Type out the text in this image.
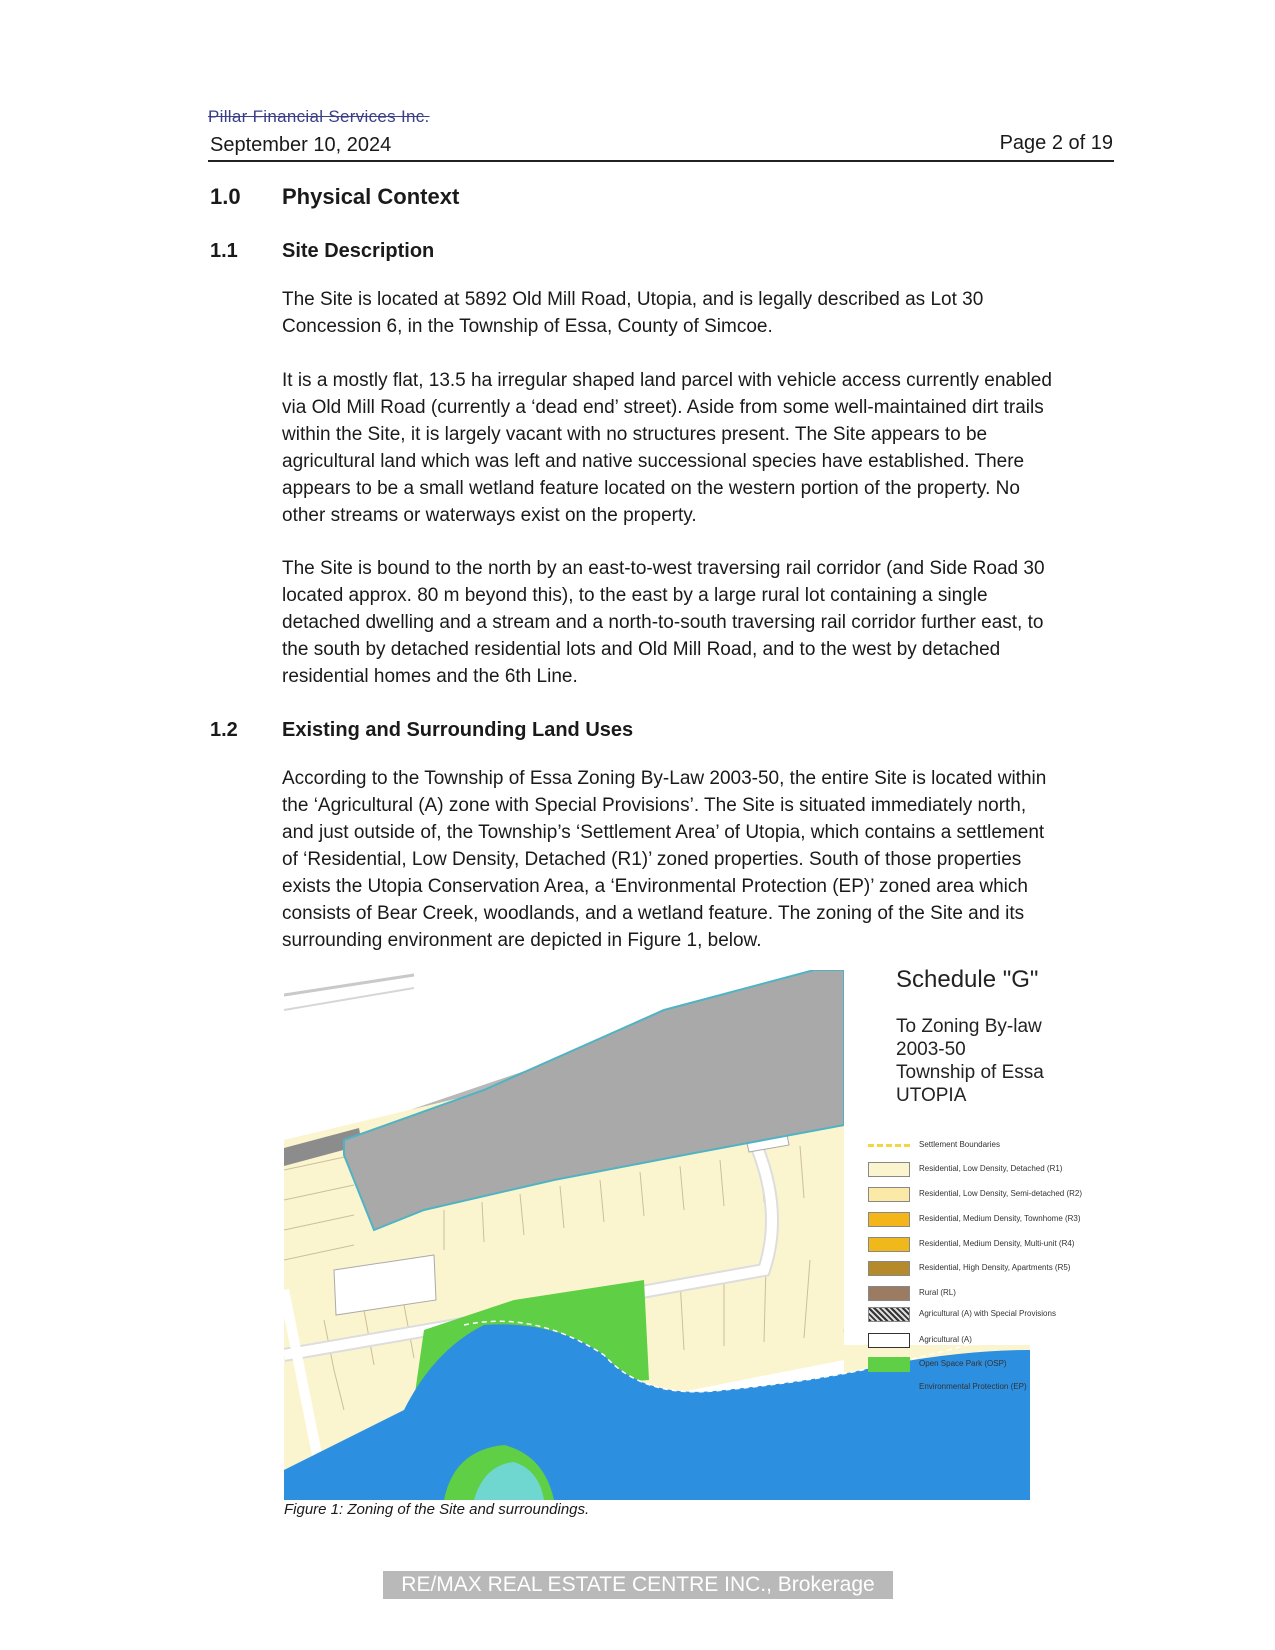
Pillar Financial Services Inc.
September 10, 2024	Page 2 of 19
1.0 Physical Context
1.1 Site Description
The Site is located at 5892 Old Mill Road, Utopia, and is legally described as Lot 30
Concession 6, in the Township of Essa, County of Simcoe.
It is a mostly flat, 13.5 ha irregular shaped land parcel with vehicle access currently enabled
via Old Mill Road (currently a ‘dead end’ street). Aside from some well-maintained dirt trails
within the Site, it is largely vacant with no structures present. The Site appears to be
agricultural land which was left and native successional species have established. There
appears to be a small wetland feature located on the western portion of the property. No
other streams or waterways exist on the property.
The Site is bound to the north by an east-to-west traversing rail corridor (and Side Road 30
located approx. 80 m beyond this), to the east by a large rural lot containing a single
detached dwelling and a stream and a north-to-south traversing rail corridor further east, to
the south by detached residential lots and Old Mill Road, and to the west by detached
residential homes and the 6th Line.
1.2 Existing and Surrounding Land Uses
According to the Township of Essa Zoning By-Law 2003-50, the entire Site is located within
the ‘Agricultural (A) zone with Special Provisions’. The Site is situated immediately north,
and just outside of, the Township’s ‘Settlement Area’ of Utopia, which contains a settlement
of ‘Residential, Low Density, Detached (R1)’ zoned properties. South of those properties
exists the Utopia Conservation Area, a ‘Environmental Protection (EP)’ zoned area which
consists of Bear Creek, woodlands, and a wetland feature. The zoning of the Site and its
surrounding environment are depicted in Figure 1, below.
Schedule "G"
To Zoning By-law
2003-50
Township of Essa
UTOPIA
Settlement Boundaries
Residential, Low Density, Detached (R1)
Residential, Low Density, Semi-detached (R2)
Residential, Medium Density, Townhome (R3)
Residential, Medium Density, Multi-unit (R4)
Residential, High Density, Apartments (R5)
Rural (RL)
Agricultural (A) with Special Provisions
Agricultural (A)
Open Space Park (OSP)
Environmental Protection (EP)
Figure 1: Zoning of the Site and surroundings.
RE/MAX REAL ESTATE CENTRE INC., Brokerage
